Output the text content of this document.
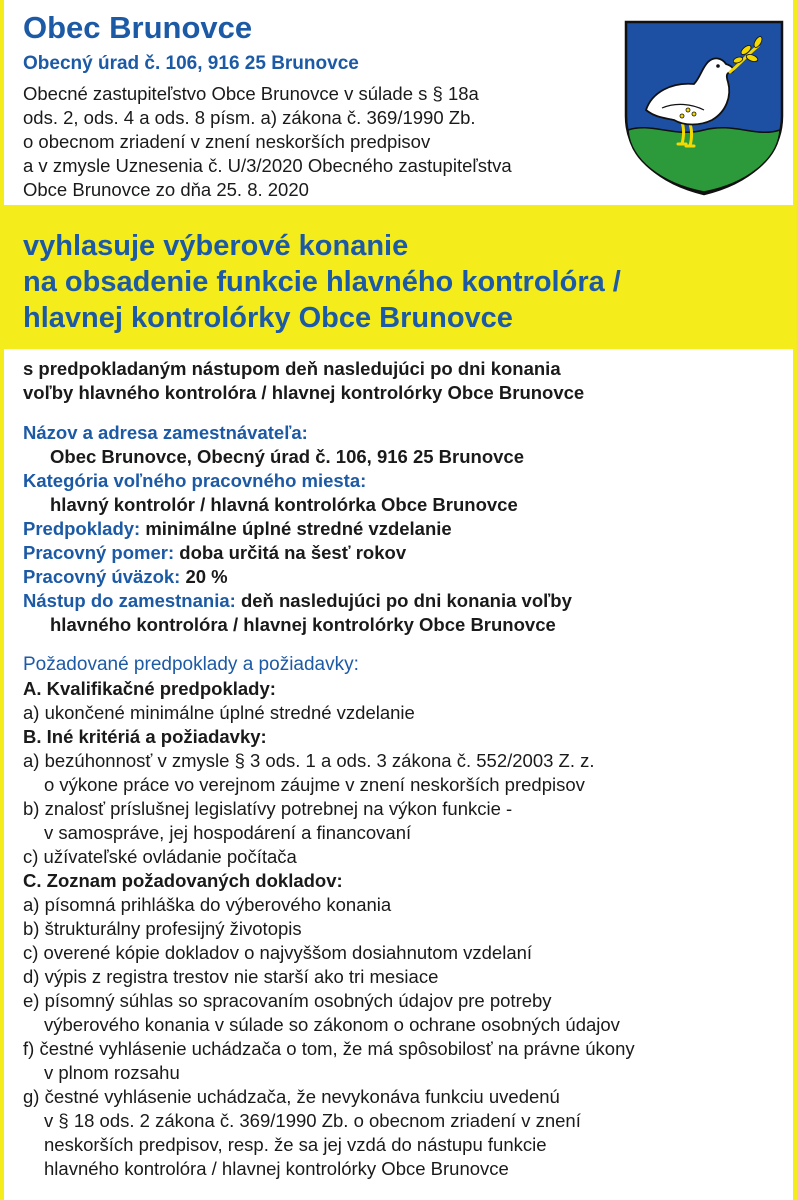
Obec Brunovce
Obecný úrad č. 106, 916 25 Brunovce
Obecné zastupiteľstvo Obce Brunovce v súlade s § 18a
ods. 2, ods. 4 a ods. 8 písm. a) zákona č. 369/1990 Zb.
o obecnom zriadení v znení neskorších predpisov
a v zmysle Uznesenia č. U/3/2020 Obecného zastupiteľstva
Obce Brunovce zo dňa 25. 8. 2020
vyhlasuje výberové konanie
na obsadenie funkcie hlavného kontrolóra /
hlavnej kontrolórky Obce Brunovce
s predpokladaným nástupom deň nasledujúci po dni konania
voľby hlavného kontrolóra / hlavnej kontrolórky Obce Brunovce
Názov a adresa zamestnávateľa:
Obec Brunovce, Obecný úrad č. 106, 916 25 Brunovce
Kategória voľného pracovného miesta:
hlavný kontrolór / hlavná kontrolórka Obce Brunovce
Predpoklady: minimálne úplné stredné vzdelanie
Pracovný pomer: doba určitá na šesť rokov
Pracovný úväzok: 20 %
Nástup do zamestnania: deň nasledujúci po dni konania voľby
hlavného kontrolóra / hlavnej kontrolórky Obce Brunovce
Požadované predpoklady a požiadavky:
A. Kvalifikačné predpoklady:
a) ukončené minimálne úplné stredné vzdelanie
B. Iné kritériá a požiadavky:
a) bezúhonnosť v zmysle § 3 ods. 1 a ods. 3 zákona č. 552/2003 Z. z.
o výkone práce vo verejnom záujme v znení neskorších predpisov
b) znalosť príslušnej legislatívy potrebnej na výkon funkcie -
v samospráve, jej hospodárení a financovaní
c) užívateľské ovládanie počítača
C. Zoznam požadovaných dokladov:
a) písomná prihláška do výberového konania
b) štrukturálny profesijný životopis
c) overené kópie dokladov o najvyššom dosiahnutom vzdelaní
d) výpis z registra trestov nie starší ako tri mesiace
e) písomný súhlas so spracovaním osobných údajov pre potreby
výberového konania v súlade so zákonom o ochrane osobných údajov
f) čestné vyhlásenie uchádzača o tom, že má spôsobilosť na právne úkony
v plnom rozsahu
g) čestné vyhlásenie uchádzača, že nevykonáva funkciu uvedenú
v § 18 ods. 2 zákona č. 369/1990 Zb. o obecnom zriadení v znení
neskorších predpisov, resp. že sa jej vzdá do nástupu funkcie
hlavného kontrolóra / hlavnej kontrolórky Obce Brunovce
